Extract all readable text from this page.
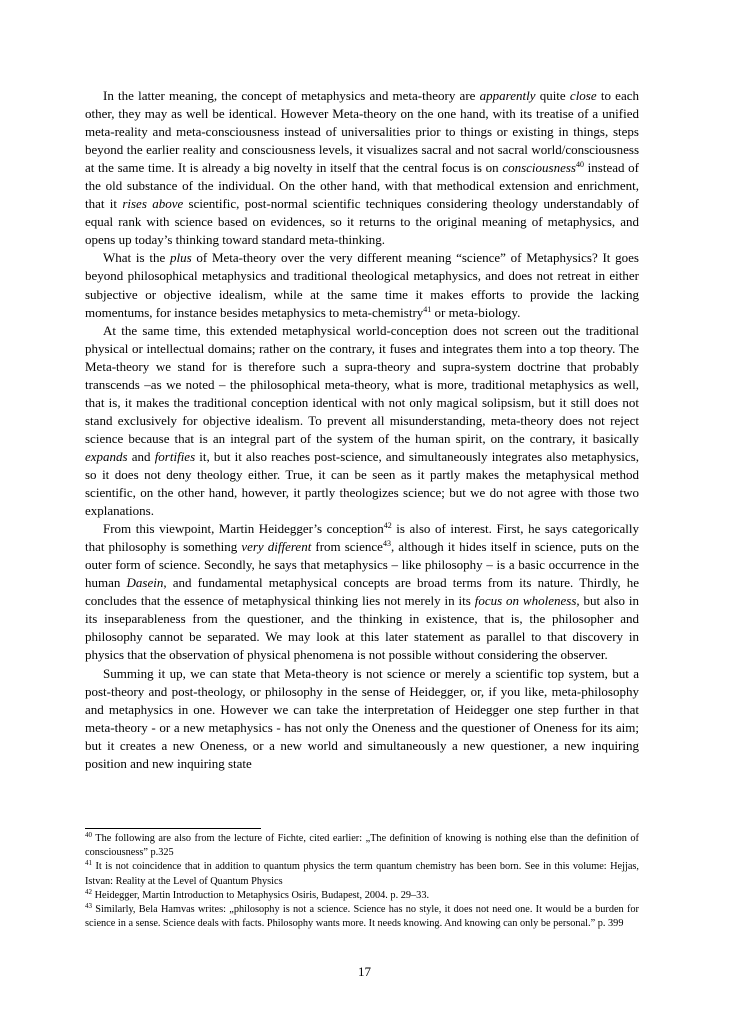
In the latter meaning, the concept of metaphysics and meta-theory are apparently quite close to each other, they may as well be identical. However Meta-theory on the one hand, with its treatise of a unified meta-reality and meta-consciousness instead of universalities prior to things or existing in things, steps beyond the earlier reality and consciousness levels, it visualizes sacral and not sacral world/consciousness at the same time. It is already a big novelty in itself that the central focus is on consciousness$^{40}$ instead of the old substance of the individual. On the other hand, with that methodical extension and enrichment, that it rises above scientific, post-normal scientific techniques considering theology understandably of equal rank with science based on evidences, so it returns to the original meaning of metaphysics, and opens up today’s thinking toward standard meta-thinking.

What is the plus of Meta-theory over the very different meaning “science” of Metaphysics? It goes beyond philosophical metaphysics and traditional theological metaphysics, and does not retreat in either subjective or objective idealism, while at the same time it makes efforts to provide the lacking momentums, for instance besides metaphysics to meta-chemistry$^{41}$ or meta-biology.

At the same time, this extended metaphysical world-conception does not screen out the traditional physical or intellectual domains; rather on the contrary, it fuses and integrates them into a top theory. The Meta-theory we stand for is therefore such a supra-theory and supra-system doctrine that probably transcends –as we noted – the philosophical meta-theory, what is more, traditional metaphysics as well, that is, it makes the traditional conception identical with not only magical solipsism, but it still does not stand exclusively for objective idealism. To prevent all misunderstanding, meta-theory does not reject science because that is an integral part of the system of the human spirit, on the contrary, it basically expands and fortifies it, but it also reaches post-science, and simultaneously integrates also metaphysics, so it does not deny theology either. True, it can be seen as it partly makes the metaphysical method scientific, on the other hand, however, it partly theologizes science; but we do not agree with those two explanations.

From this viewpoint, Martin Heidegger’s conception$^{42}$ is also of interest. First, he says categorically that philosophy is something very different from science$^{43}$, although it hides itself in science, puts on the outer form of science. Secondly, he says that metaphysics – like philosophy – is a basic occurrence in the human Dasein, and fundamental metaphysical concepts are broad terms from its nature. Thirdly, he concludes that the essence of metaphysical thinking lies not merely in its focus on wholeness, but also in its inseparableness from the questioner, and the thinking in existence, that is, the philosopher and philosophy cannot be separated. We may look at this later statement as parallel to that discovery in physics that the observation of physical phenomena is not possible without considering the observer.

Summing it up, we can state that Meta-theory is not science or merely a scientific top system, but a post-theory and post-theology, or philosophy in the sense of Heidegger, or, if you like, meta-philosophy and metaphysics in one. However we can take the interpretation of Heidegger one step further in that meta-theory - or a new metaphysics - has not only the Oneness and the questioner of Oneness for its aim; but it creates a new Oneness, or a new world and simultaneously a new questioner, a new inquiring position and new inquiring state

$^{40}$ The following are also from the lecture of Fichte, cited earlier: „The definition of knowing is nothing else than the definition of consciousness” p.325

$^{41}$ It is not coincidence that in addition to quantum physics the term quantum chemistry has been born. See in this volume: Hejjas, Istvan: Reality at the Level of Quantum Physics

$^{42}$ Heidegger, Martin Introduction to Metaphysics Osiris, Budapest, 2004. p. 29–33.

$^{43}$ Similarly, Bela Hamvas writes: „philosophy is not a science. Science has no style, it does not need one. It would be a burden for science in a sense. Science deals with facts. Philosophy wants more. It needs knowing. And knowing can only be personal.” p. 399

17
